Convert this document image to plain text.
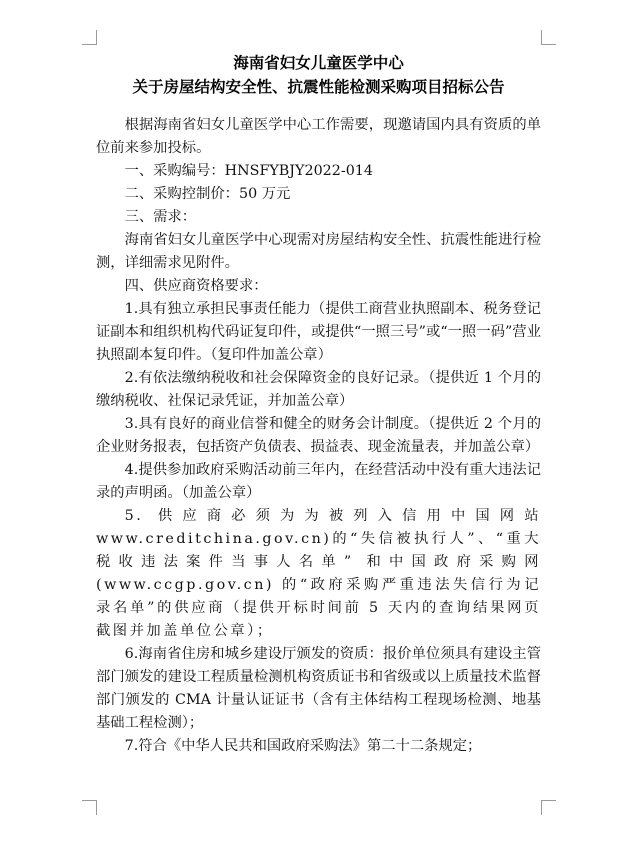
海南省妇女儿童医学中心
关于房屋结构安全性、抗震性能检测采购项目招标公告

根据海南省妇女儿童医学中心工作需要，现邀请国内具有资质的单位前来参加投标。

一、采购编号：HNSFYBJY2022-014

二、采购控制价：50 万元

三、需求：

海南省妇女儿童医学中心现需对房屋结构安全性、抗震性能进行检测，详细需求见附件。

四、供应商资格要求：

1.具有独立承担民事责任能力（提供工商营业执照副本、税务登记证副本和组织机构代码证复印件，或提供“一照三号”或“一照一码”营业执照副本复印件。（复印件加盖公章）

2.有依法缴纳税收和社会保障资金的良好记录。（提供近 1 个月的缴纳税收、社保记录凭证，并加盖公章）

3.具有良好的商业信誉和健全的财务会计制度。（提供近 2 个月的企业财务报表，包括资产负债表、损益表、现金流量表，并加盖公章）

4.提供参加政府采购活动前三年内，在经营活动中没有重大违法记录的声明函。（加盖公章）

5. 供应商必须为为被列入信用中国网站 www.creditchina.gov.cn)的“失信被执行人”、“重大税收违法案件当事人名单” 和中国政府采购网(www.ccgp.gov.cn) 的“政府采购严重违法失信行为记录名单”的供应商（提供开标时间前 5 天内的查询结果网页截图并加盖单位公章）；

6.海南省住房和城乡建设厅颁发的资质：报价单位须具有建设主管部门颁发的建设工程质量检测机构资质证书和省级或以上质量技术监督部门颁发的 CMA 计量认证证书（含有主体结构工程现场检测、地基基础工程检测）；

7.符合《中华人民共和国政府采购法》第二十二条规定；
